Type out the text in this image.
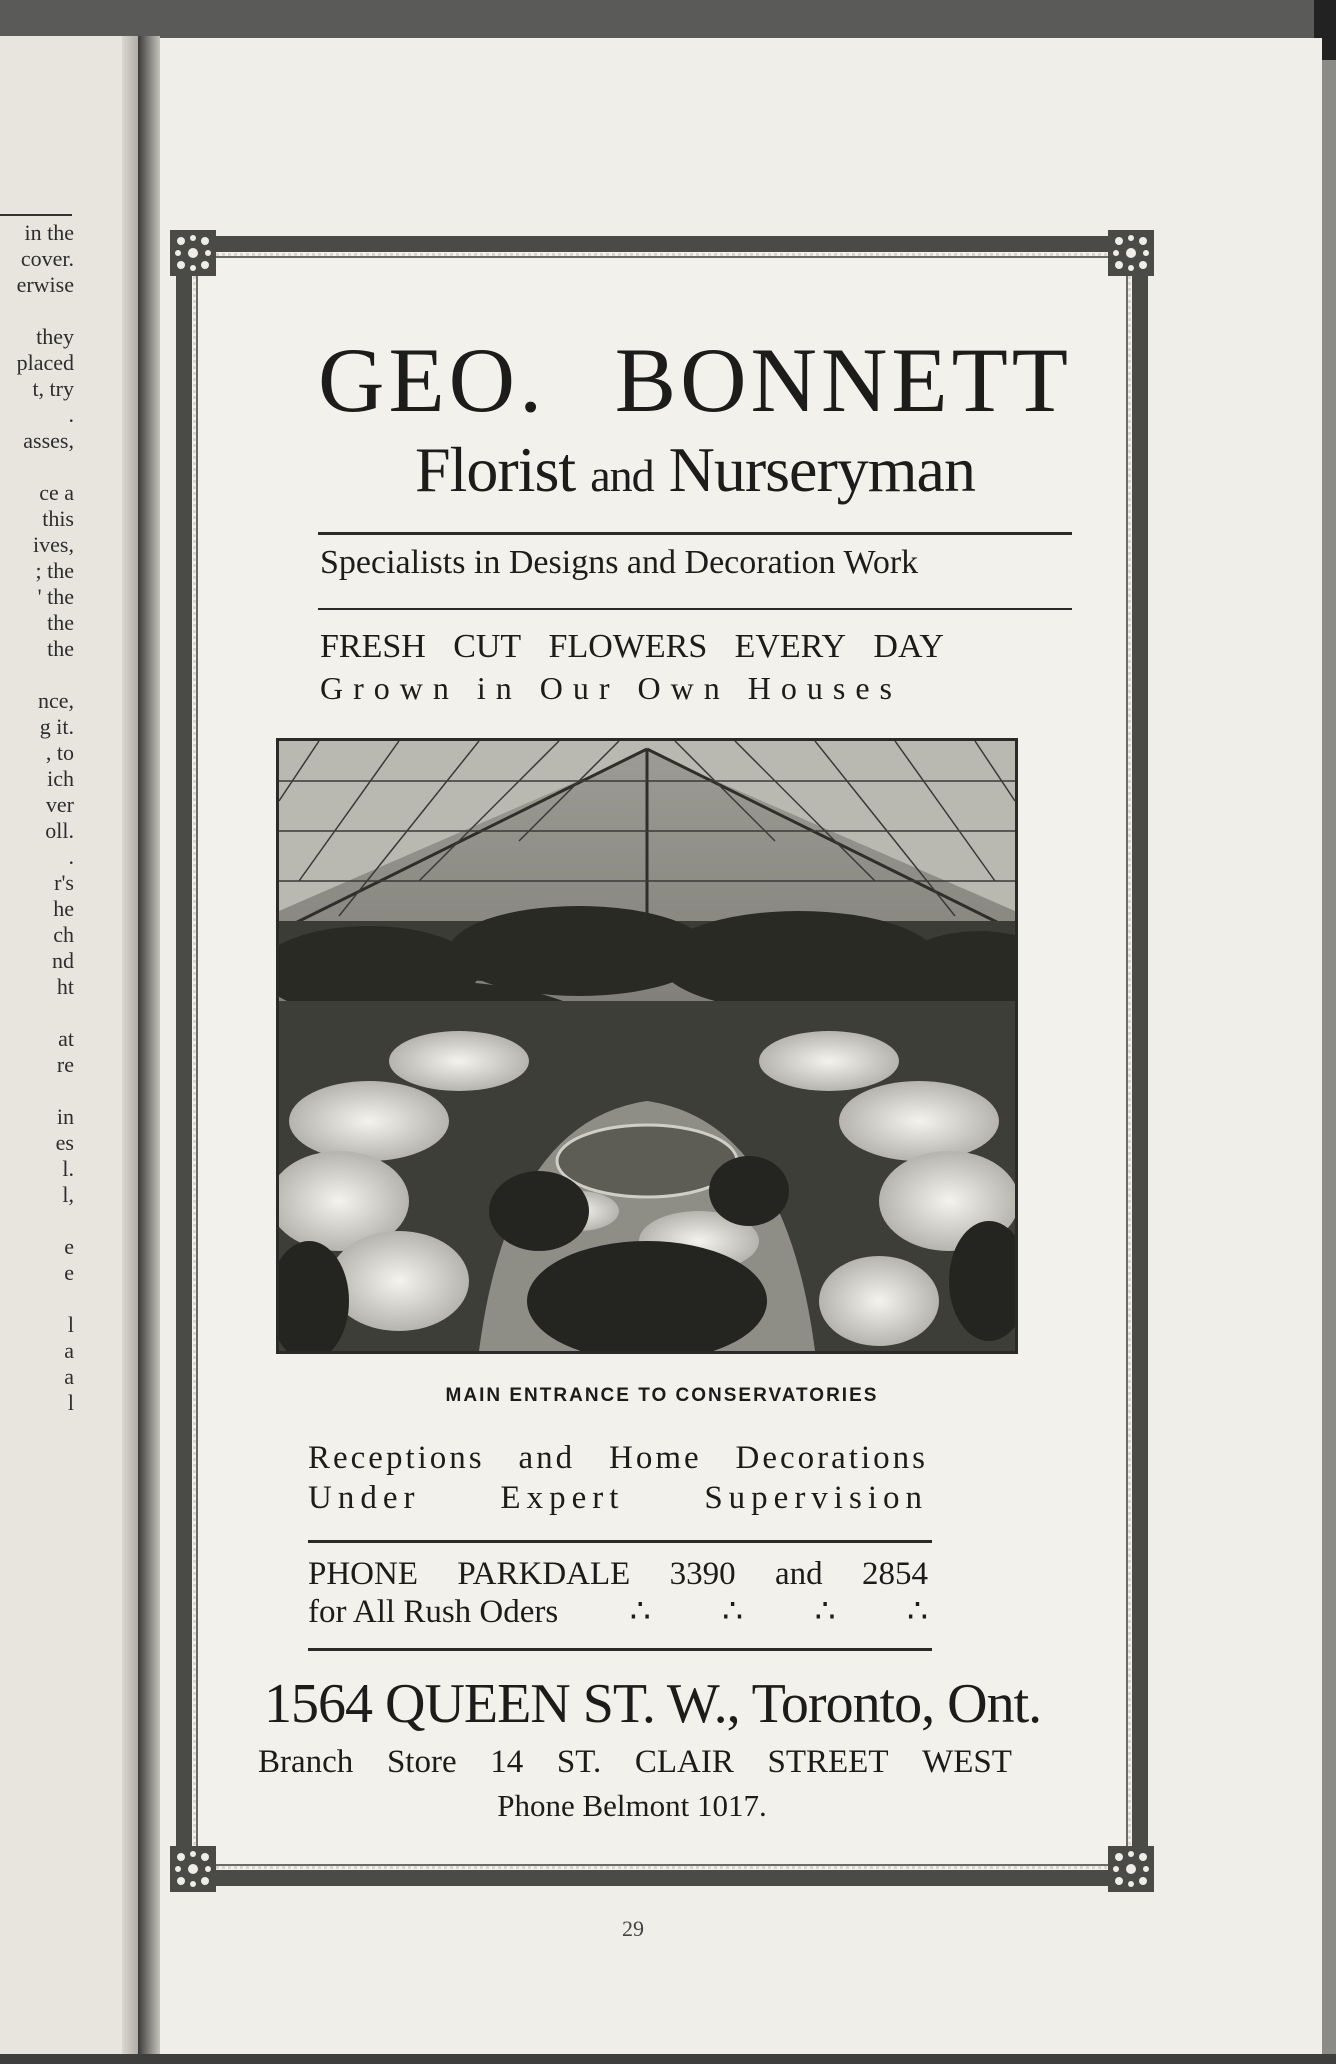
in the
cover.
erwise
they
placed
t, try
.
asses,
ce a
this
ives,
; the
' the
the
the
nce,
g it.
, to
ich
ver
oll.
.
r's
he
ch
nd
ht
at
re
in
es
l.
l,
e
e
l
a
a
l
GEO. BONNETT
Florist and Nurseryman
Specialists in Designs and Decoration Work
FRESH CUT FLOWERS EVERY DAY
Grown in Our Own Houses
MAIN ENTRANCE TO CONSERVATORIES
Receptions and Home Decorations
Under Expert Supervision
PHONE PARKDALE 3390 and 2854
for All Rush Oders ∴ ∴ ∴ ∴
1564 QUEEN ST. W., Toronto, Ont.
Branch Store 14 ST. CLAIR STREET WEST
Phone Belmont 1017.
29
